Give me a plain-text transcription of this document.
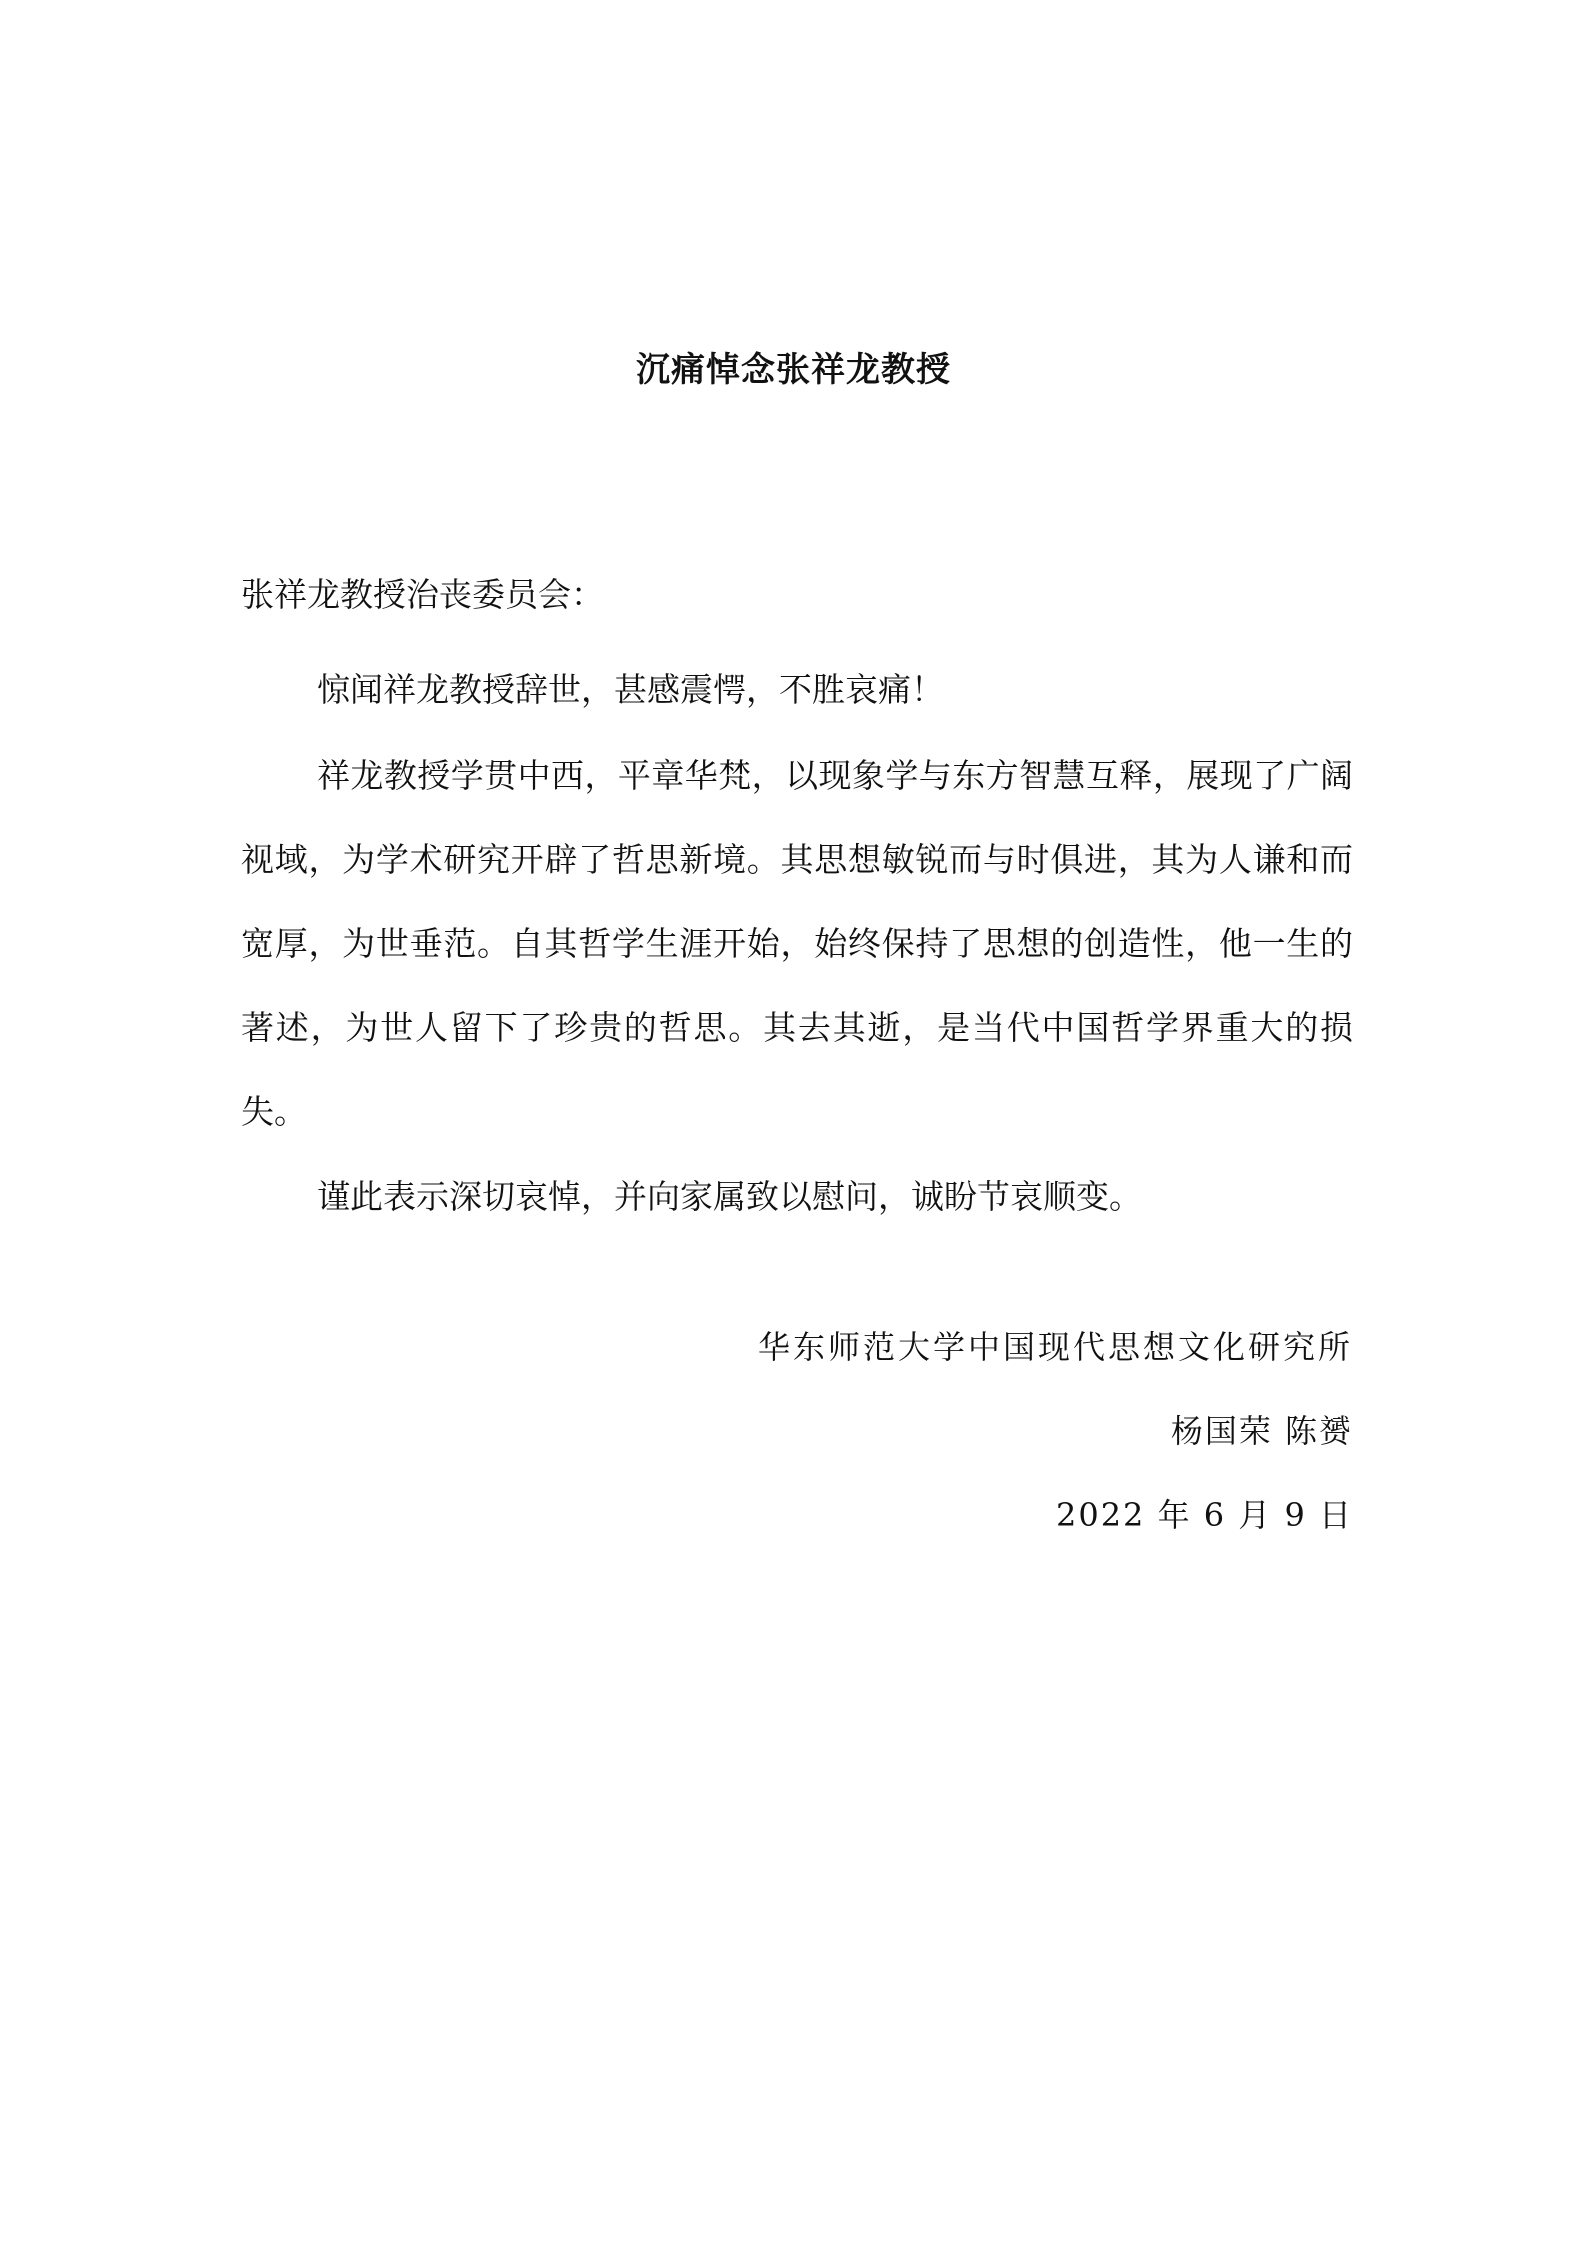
沉痛悼念张祥龙教授
张祥龙教授治丧委员会：

惊闻祥龙教授辞世，甚感震愕，不胜哀痛！

祥龙教授学贯中西，平章华梵，以现象学与东方智慧互释，展现了广阔视域，为学术研究开辟了哲思新境。其思想敏锐而与时俱进，其为人谦和而宽厚，为世垂范。自其哲学生涯开始，始终保持了思想的创造性，他一生的著述，为世人留下了珍贵的哲思。其去其逝，是当代中国哲学界重大的损失。

谨此表示深切哀悼，并向家属致以慰问，诚盼节哀顺变。

华东师范大学中国现代思想文化研究所
杨国荣 陈赟
2022 年 6 月 9 日
